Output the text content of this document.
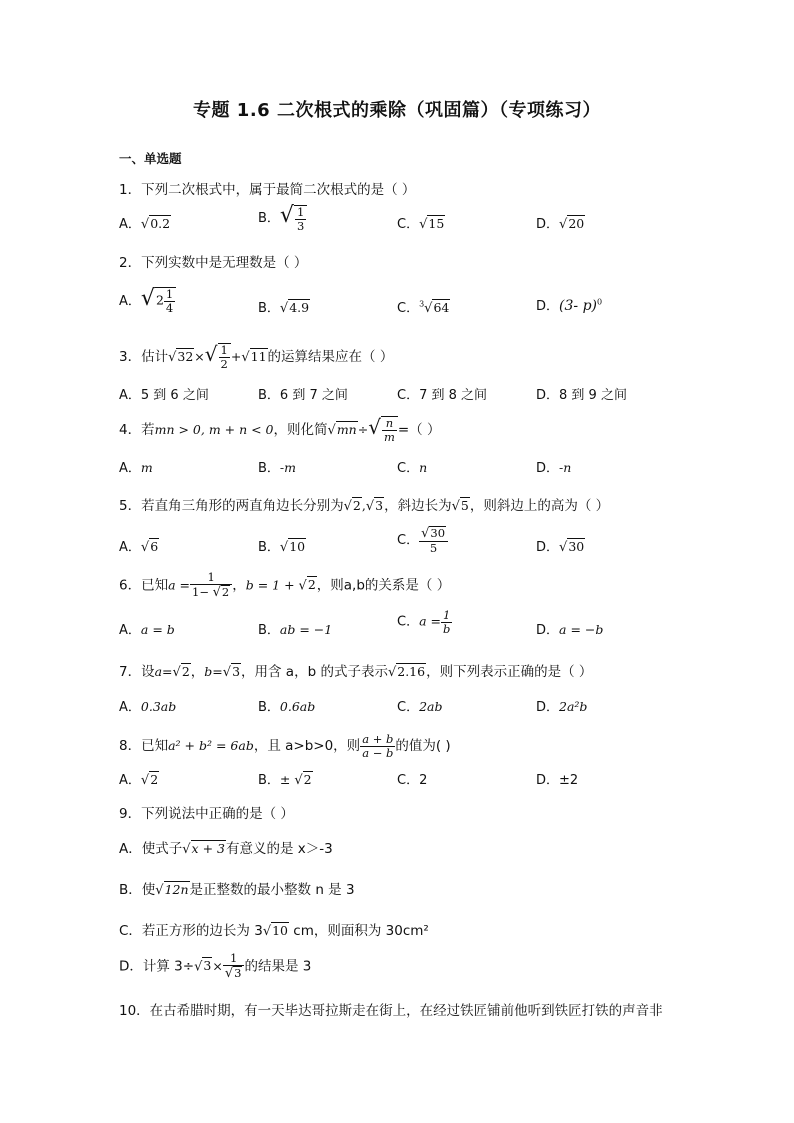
专题 1.6 二次根式的乘除（巩固篇）（专项练习）
一、单选题
1．下列二次根式中，属于最简二次根式的是（ ）
A．√0.2	B．√ $\frac{1}{3}$	C．√15	D．√20
2．下列实数中是无理数是（ ）
A．$√2 \frac{1}{4}$	B．√4.9	C．$^3$√64	D．(3- p)$^0$
3．估计$√32\times√ \frac{1}{2} +√11$的运算结果应在（ ）
A．5 到 6 之间	B．6 到 7 之间	C．7 到 8 之间	D．8 到 9 之间
4．若mn > 0, m + n < 0，则化简$√mn\div√ \frac{n}{m}$ =（ ）
A．m	B．-m	C．n	D．-n
5．若直角三角形的两直角边长分别为√2,√3，斜边长为√5，则斜边上的高为（ ）
A．√6	B．√10	C． $\frac{√30}{5}$	D．√30
6．已知$a = \frac{1}{1- √2}$ ，b = 1 + √2，则a,b的关系是（ ）
A．a = b	B．ab = −1	C．$a = \frac{1}{b}$	D．a = −b
7．设a=√2，b=√3，用含 a，b 的式子表示√2.16，则下列表示正确的是（ ）
A．0.3ab	B．0.6ab	C．2ab	D．2a²b
8．已知a² + b² = 6ab，且 a>b>0，则 $\frac{a + b}{a - b}$ 的值为( )
A．√2	B．± √2	C．2	D．±2
9．下列说法中正确的是（ ）
A．使式子√x + 3有意义的是 x＞-3
B．使√12n是正整数的最小整数 n 是 3
C．若正方形的边长为 3√10 cm，则面积为 30cm²
D．计算 $3\div√3\times \frac{1}{√3}$ 的结果是 3
10．在古希腊时期，有一天毕达哥拉斯走在街上，在经过铁匠铺前他听到铁匠打铁的声音非
